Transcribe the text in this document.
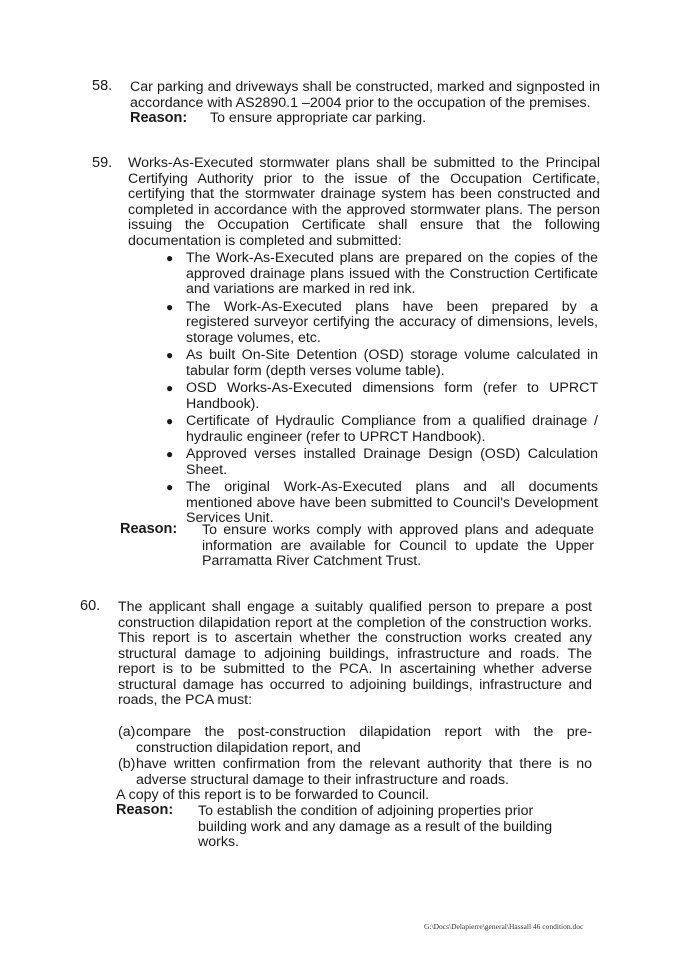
58. Car parking and driveways shall be constructed, marked and signposted in accordance with AS2890.1 –2004 prior to the occupation of the premises.
Reason: To ensure appropriate car parking.
59. Works-As-Executed stormwater plans shall be submitted to the Principal Certifying Authority prior to the issue of the Occupation Certificate, certifying that the stormwater drainage system has been constructed and completed in accordance with the approved stormwater plans. The person issuing the Occupation Certificate shall ensure that the following documentation is completed and submitted:
● The Work-As-Executed plans are prepared on the copies of the approved drainage plans issued with the Construction Certificate and variations are marked in red ink.
● The Work-As-Executed plans have been prepared by a registered surveyor certifying the accuracy of dimensions, levels, storage volumes, etc.
● As built On-Site Detention (OSD) storage volume calculated in tabular form (depth verses volume table).
● OSD Works-As-Executed dimensions form (refer to UPRCT Handbook).
● Certificate of Hydraulic Compliance from a qualified drainage / hydraulic engineer (refer to UPRCT Handbook).
● Approved verses installed Drainage Design (OSD) Calculation Sheet.
● The original Work-As-Executed plans and all documents mentioned above have been submitted to Council's Development Services Unit.
Reason: To ensure works comply with approved plans and adequate information are available for Council to update the Upper Parramatta River Catchment Trust.
60. The applicant shall engage a suitably qualified person to prepare a post construction dilapidation report at the completion of the construction works. This report is to ascertain whether the construction works created any structural damage to adjoining buildings, infrastructure and roads. The report is to be submitted to the PCA. In ascertaining whether adverse structural damage has occurred to adjoining buildings, infrastructure and roads, the PCA must:
(a) compare the post-construction dilapidation report with the pre-construction dilapidation report, and
(b) have written confirmation from the relevant authority that there is no adverse structural damage to their infrastructure and roads.
A copy of this report is to be forwarded to Council.
Reason: To establish the condition of adjoining properties prior building work and any damage as a result of the building works.
G:\Docs\Delapierre\general\Hassall 46 condition.doc
